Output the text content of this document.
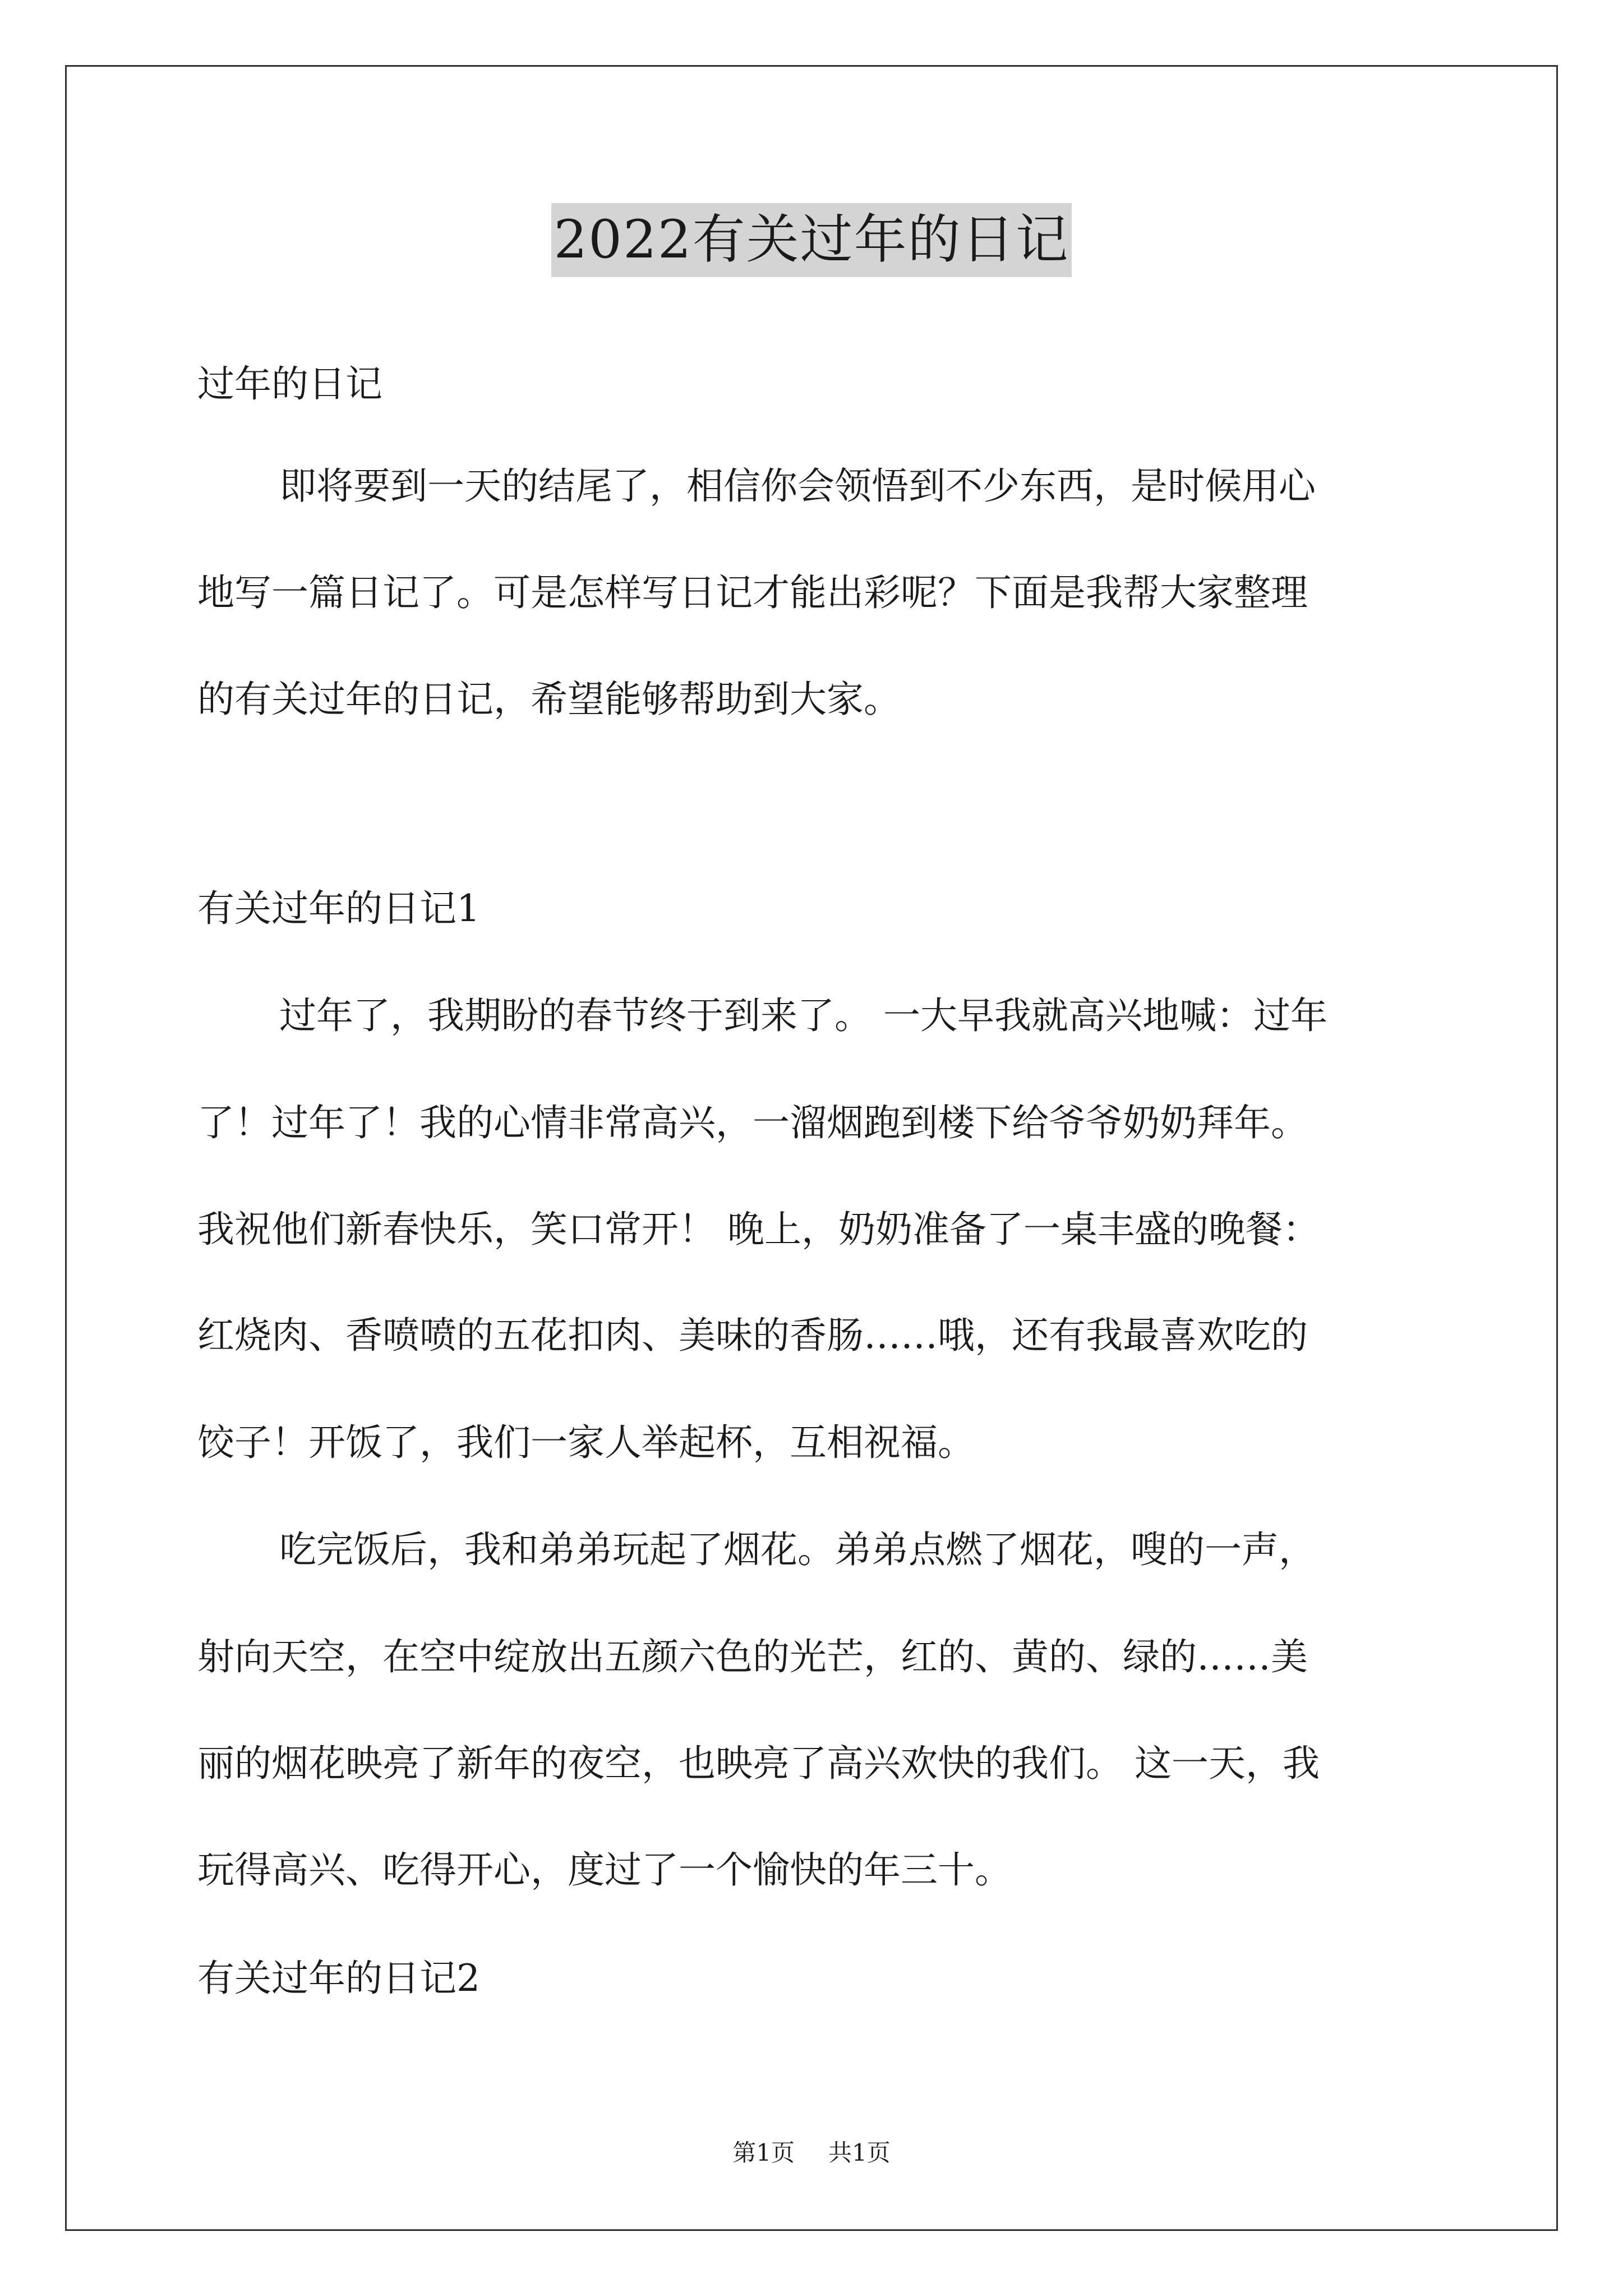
2022有关过年的日记
过年的日记
即将要到一天的结尾了，相信你会领悟到不少东西，是时候用心
地写一篇日记了。可是怎样写日记才能出彩呢？下面是我帮大家整理
的有关过年的日记，希望能够帮助到大家。
有关过年的日记1
过年了，我期盼的春节终于到来了。 一大早我就高兴地喊：过年
了！过年了！我的心情非常高兴，一溜烟跑到楼下给爷爷奶奶拜年。
我祝他们新春快乐，笑口常开！ 晚上，奶奶准备了一桌丰盛的晚餐：
红烧肉、香喷喷的五花扣肉、美味的香肠……哦，还有我最喜欢吃的
饺子！开饭了，我们一家人举起杯，互相祝福。
吃完饭后，我和弟弟玩起了烟花。弟弟点燃了烟花，嗖的一声，
射向天空，在空中绽放出五颜六色的光芒，红的、黄的、绿的……美
丽的烟花映亮了新年的夜空，也映亮了高兴欢快的我们。 这一天，我
玩得高兴、吃得开心，度过了一个愉快的年三十。
有关过年的日记2
第1页 共1页
